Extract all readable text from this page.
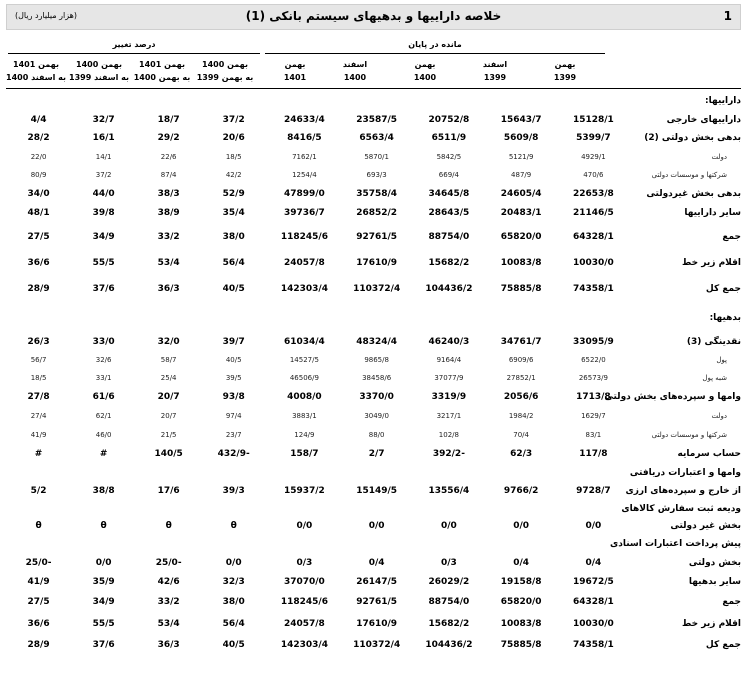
1
خلاصه داراییها و بدهیهای سیستم بانکی (1)
(هزار میلیارد ریال)
مانده در پایان
درصد تغییر
بهمن
1399
اسفند
1399
بهمن
1400
اسفند
1400
بهمن
1401
بهمن 1400
به بهمن 1399
بهمن 1401
به بهمن 1400
بهمن 1400
به اسفند 1399
بهمن 1401
به اسفند 1400
داراییها:										
داراییهای خارجی	15128/1	15643/7	20752/8	23587/5	24633/4		37/2	18/7	32/7	4/4
بدهی بخش دولتی (2)	5399/7	5609/8	6511/9	6563/4	8416/5		20/6	29/2	16/1	28/2
دولت	4929/1	5121/9	5842/5	5870/1	7162/1		18/5	22/6	14/1	22/0
شرکتها و موسسات دولتی	470/6	487/9	669/4	693/3	1254/4		42/2	87/4	37/2	80/9
بدهی بخش غیردولتی	22653/8	24605/4	34645/8	35758/4	47899/0		52/9	38/3	44/0	34/0
سایر داراییها	21146/5	20483/1	28643/5	26852/2	39736/7		35/4	38/9	39/8	48/1
جمع	64328/1	65820/0	88754/0	92761/5	118245/6		38/0	33/2	34/9	27/5
اقلام زیر خط	10030/0	10083/8	15682/2	17610/9	24057/8		56/4	53/4	55/5	36/6
جمع کل	74358/1	75885/8	104436/2	110372/4	142303/4		40/5	36/3	37/6	28/9
بدهیها:										
نقدینگی (3)	33095/9	34761/7	46240/3	48324/4	61034/4		39/7	32/0	33/0	26/3
پول	6522/0	6909/6	9164/4	9865/8	14527/5		40/5	58/7	32/6	56/7
شبه پول	26573/9	27852/1	37077/9	38458/6	46506/9		39/5	25/4	33/1	18/5
وامها و سپرده‌های بخش دولتی	1713/8	2056/6	3319/9	3370/0	4008/0		93/8	20/7	61/6	27/8
دولت	1629/7	1984/2	3217/1	3049/0	3883/1		97/4	20/7	62/1	27/4
شرکتها و موسسات دولتی	83/1	70/4	102/8	88/0	124/9		23/7	21/5	46/0	41/9
حساب سرمایه	117/8	62/3	-392/2	2/7	158/7		-432/9	140/5	#	#
وامها و اعتبارات دریافتی										
از خارج و سپرده‌های ارزی	9728/7	9766/2	13556/4	15149/5	15937/2		39/3	17/6	38/8	5/2
ودیعه ثبت سفارش کالاهای										
بخش غیر دولتی	0/0	0/0	0/0	0/0	0/0		θ	θ	θ	θ
پیش پرداخت اعتبارات اسنادی										
بخش دولتی	0/4	0/4	0/3	0/4	0/3		0/0	-25/0	0/0	-25/0
سایر بدهیها	19672/5	19158/8	26029/2	26147/5	37070/0		32/3	42/6	35/9	41/9
جمع	64328/1	65820/0	88754/0	92761/5	118245/6		38/0	33/2	34/9	27/5
اقلام زیر خط	10030/0	10083/8	15682/2	17610/9	24057/8		56/4	53/4	55/5	36/6
جمع کل	74358/1	75885/8	104436/2	110372/4	142303/4		40/5	36/3	37/6	28/9
